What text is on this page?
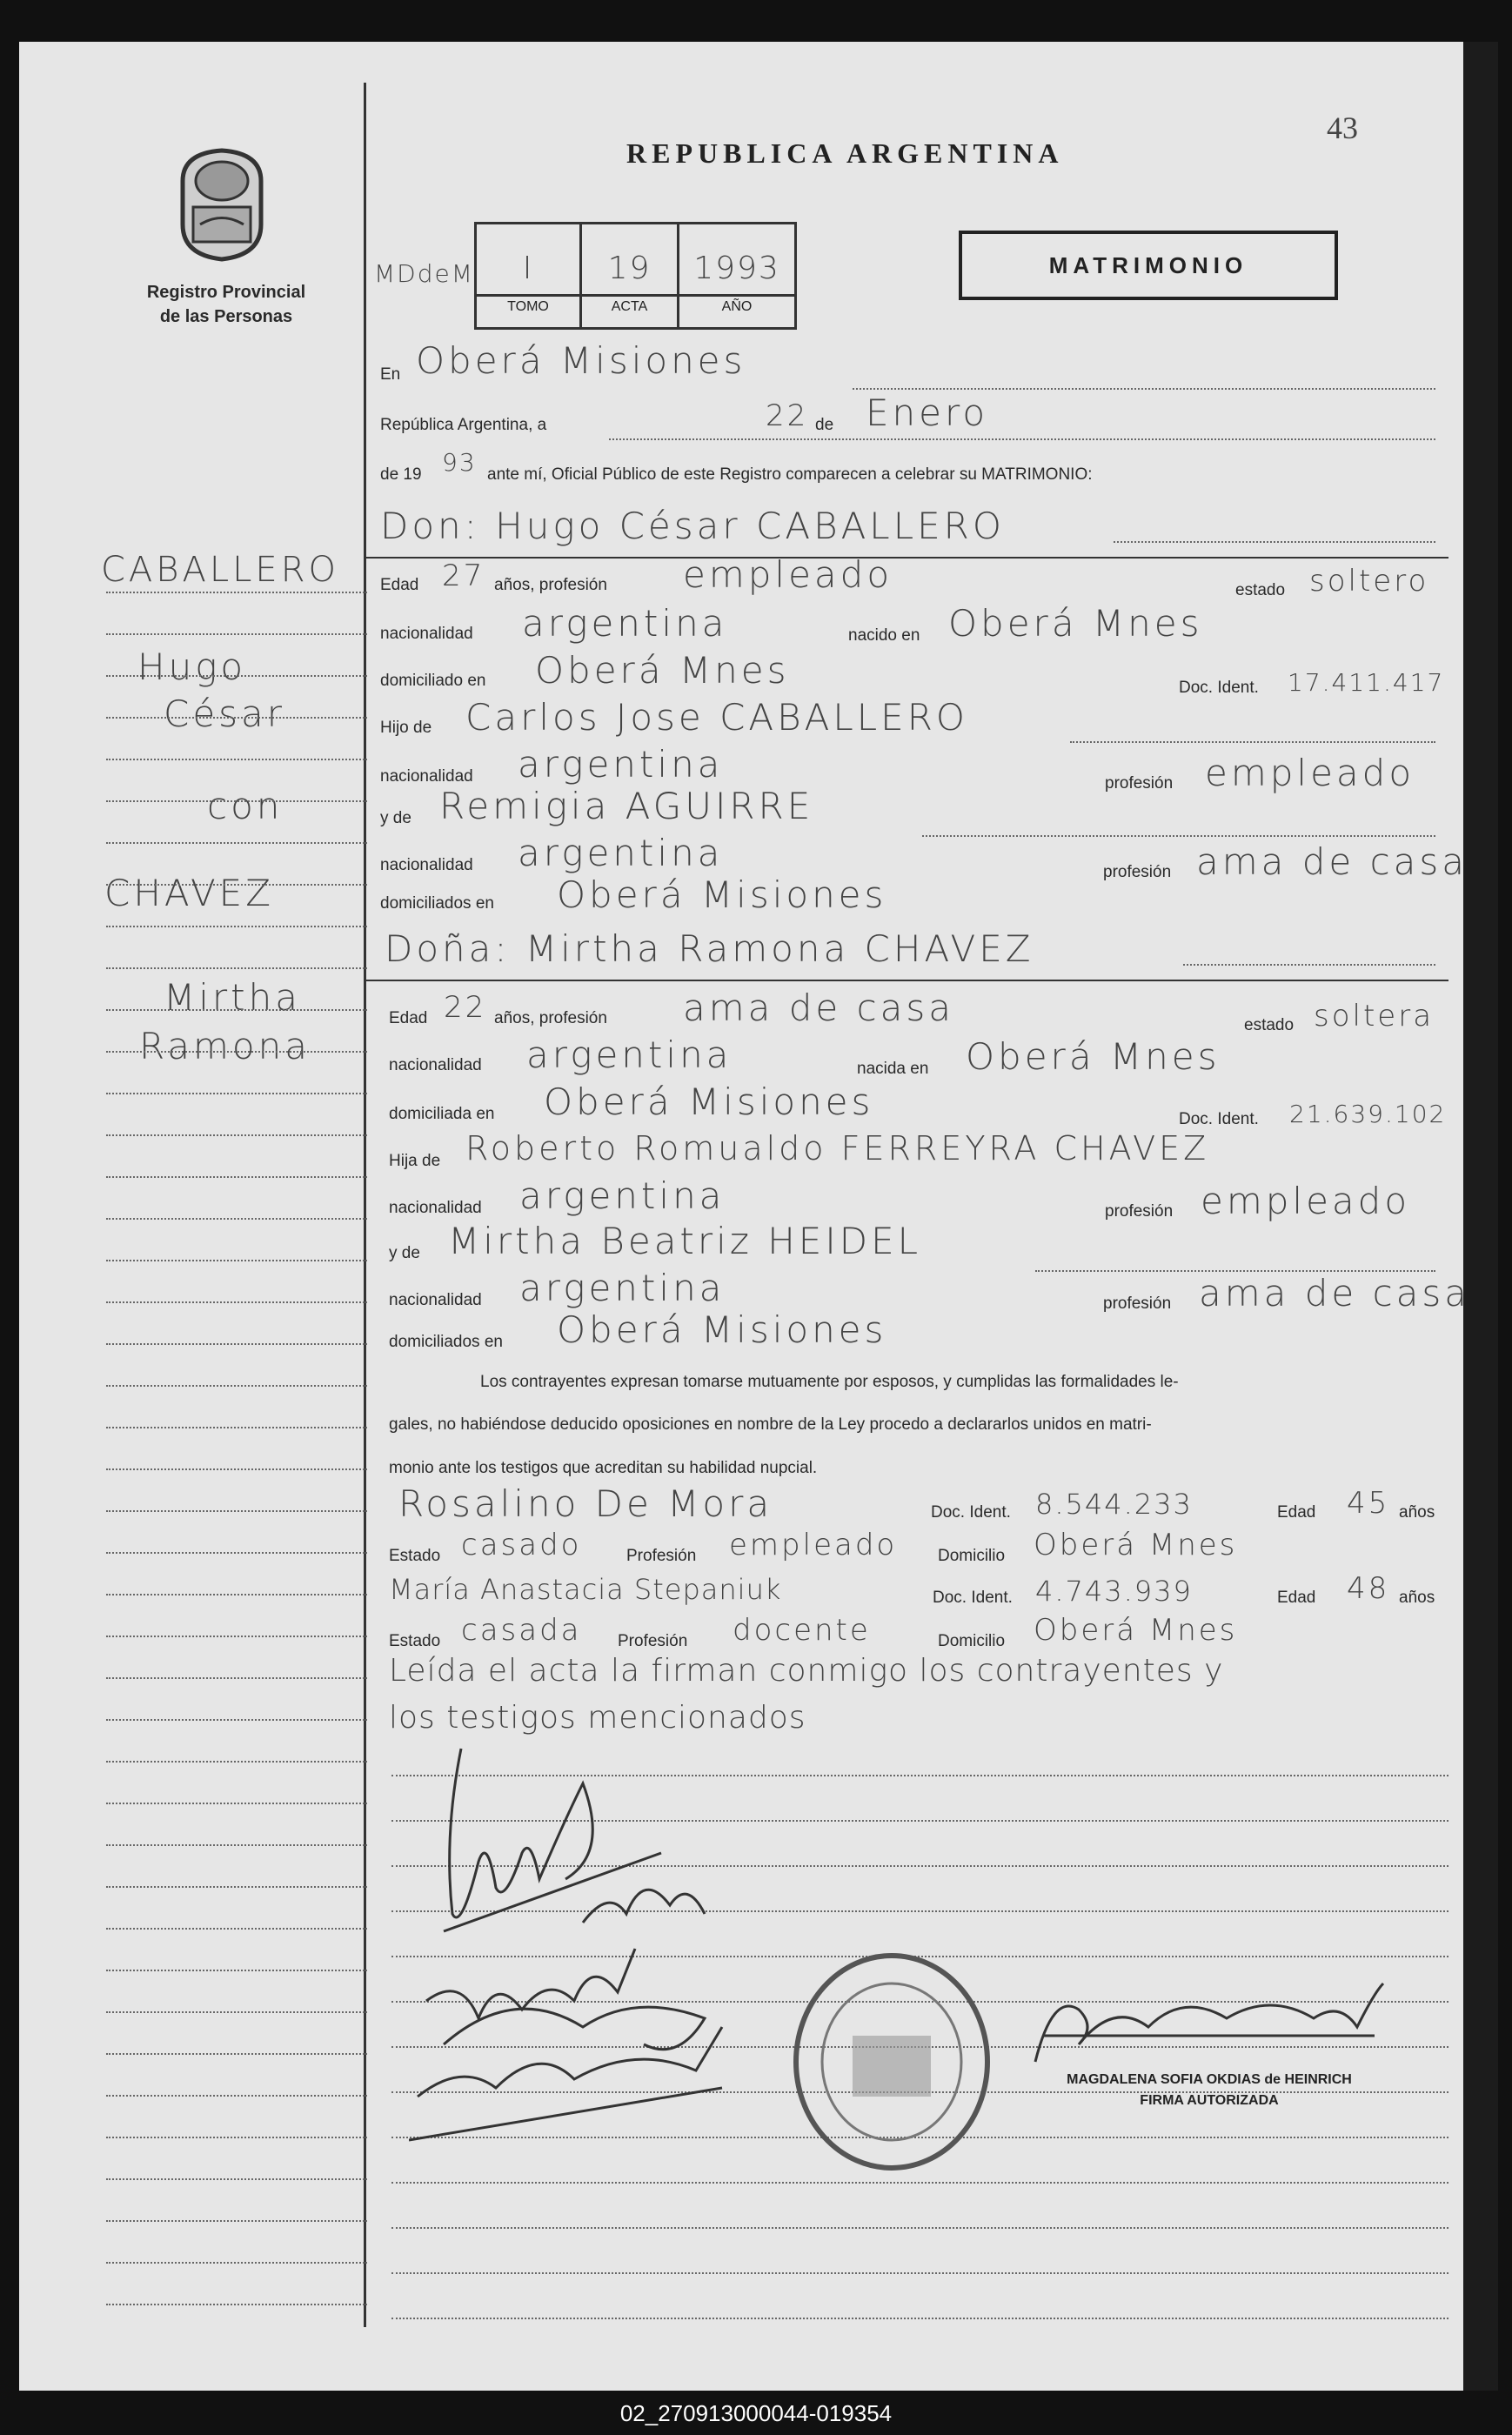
Registro Provincial
de las Personas
REPUBLICA ARGENTINA
43
MDdeM	I	19	1993
TOMO	ACTA	AÑO
MATRIMONIO
En Oberá Misiones
República Argentina, a	22 de Enero
de 19 93 ante mí, Oficial Público de este Registro comparecen a celebrar su MATRIMONIO:
Don: Hugo César CABALLERO
Edad 27 años, profesión empleado	estado soltero
nacionalidad argentina	nacido en Oberá Mnes
domiciliado en Oberá Mnes	Doc. Ident. 17.411.417
Hijo de Carlos Jose CABALLERO
nacionalidad argentina	profesión empleado
y de Remigia AGUIRRE
nacionalidad argentina	profesión ama de casa
domiciliados en Oberá Misiones
Doña: Mirtha Ramona CHAVEZ
Edad 22 años, profesión ama de casa	estado soltera
nacionalidad argentina	nacida en Oberá Mnes
domiciliada en Oberá Misiones	Doc. Ident. 21.639.102
Hija de Roberto Romualdo FERREYRA CHAVEZ
nacionalidad argentina	profesión empleado
y de Mirtha Beatriz HEIDEL
nacionalidad argentina	profesión ama de casa
domiciliados en Oberá Misiones
Los contrayentes expresan tomarse mutuamente por esposos, y cumplidas las formalidades le-
gales, no habiéndose deducido oposiciones en nombre de la Ley procedo a declararlos unidos en matri-
monio ante los testigos que acreditan su habilidad nupcial.
Rosalino De Mora	Doc. Ident. 8.544.233	Edad 45 años
Estado casado	Profesión empleado Domicilio Oberá Mnes
María Anastacia Stepaniuk	Doc. Ident. 4.743.939	Edad 48 años
Estado casada Profesión docente	Domicilio Oberá Mnes
Leída el acta la firman conmigo los contrayentes y
los testigos mencionados
CABALLERO
Hugo
César
con
CHAVEZ
Mirtha
Ramona
MAGDALENA SOFIA OKDIAS de HEINRICH
FIRMA AUTORIZADA
02_270913000044-019354
